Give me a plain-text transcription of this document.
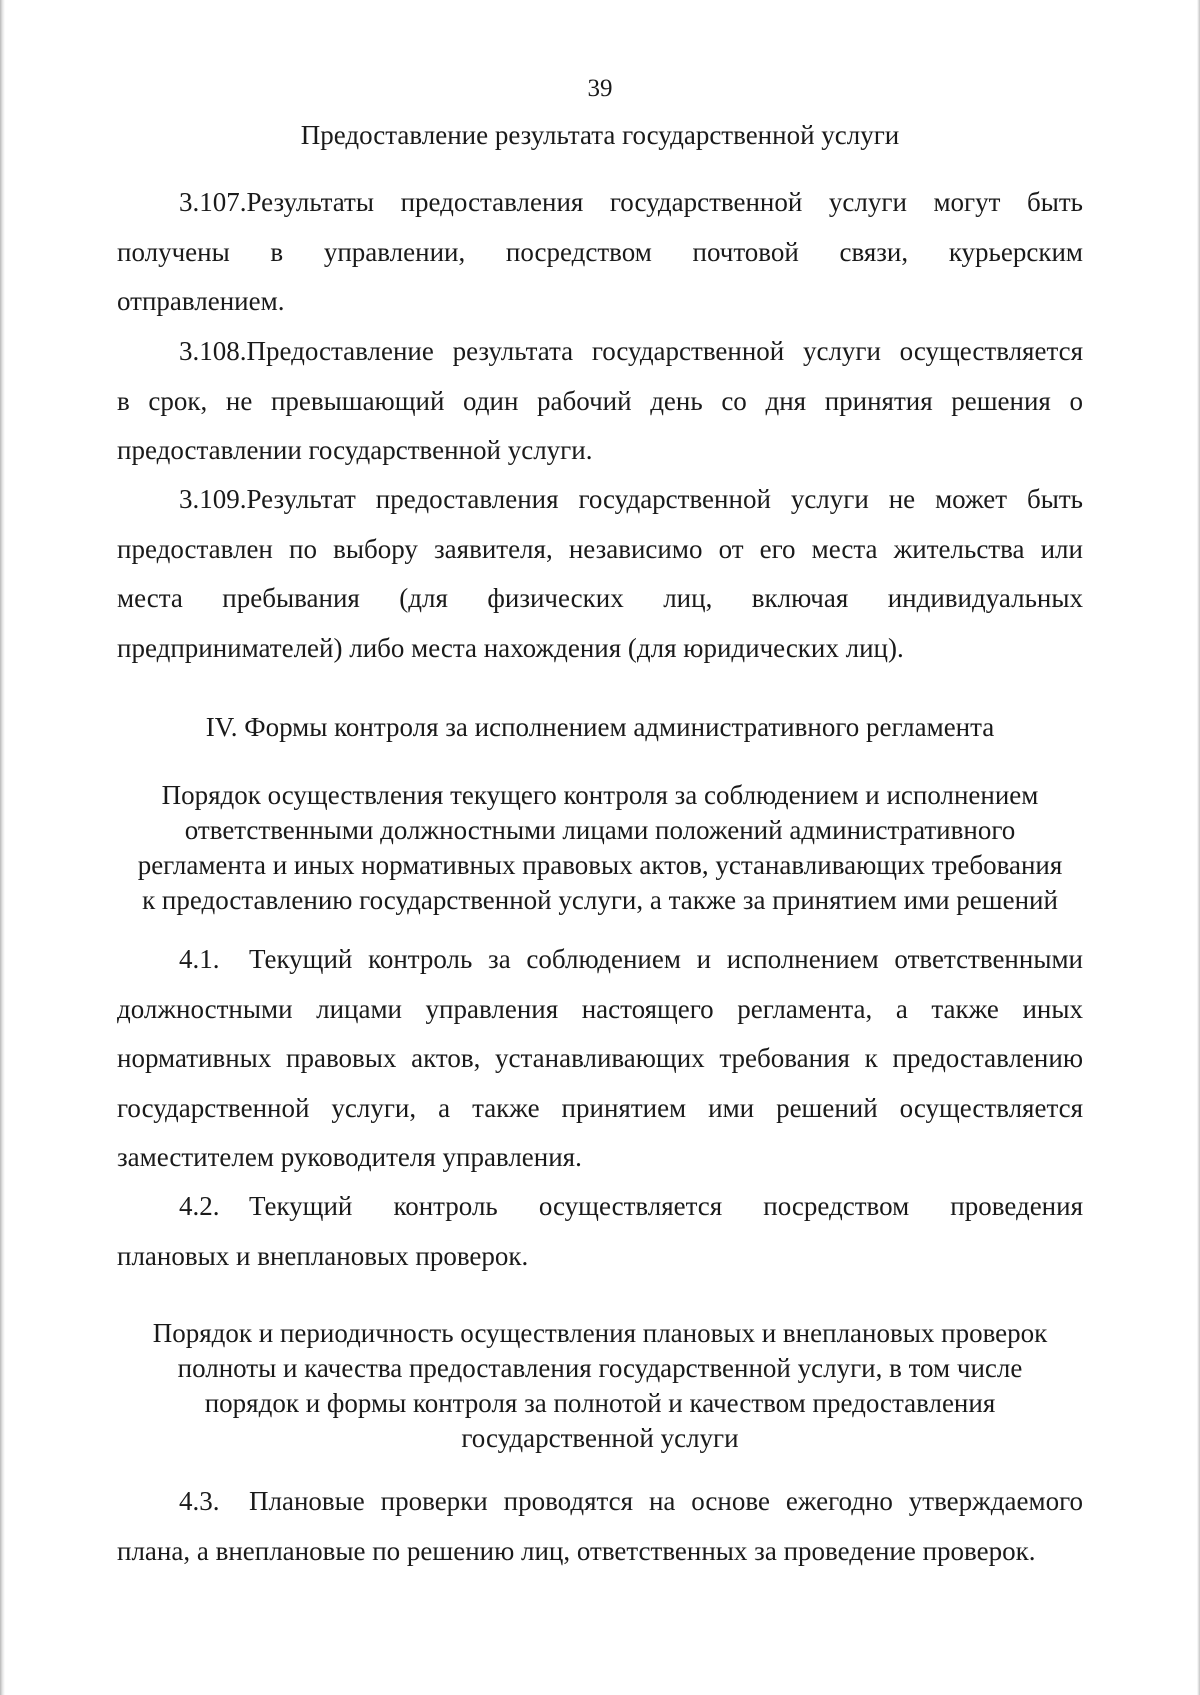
39
Предоставление результата государственной услуги
3.107.Результаты предоставления государственной услуги могут быть
получены в управлении, посредством почтовой связи, курьерским
отправлением.
3.108.Предоставление результата государственной услуги осуществляется
в срок, не превышающий один рабочий день со дня принятия решения о
предоставлении государственной услуги.
3.109.Результат предоставления государственной услуги не может быть
предоставлен по выбору заявителя, независимо от его места жительства или
места пребывания (для физических лиц, включая индивидуальных
предпринимателей) либо места нахождения (для юридических лиц).
IV. Формы контроля за исполнением административного регламента
Порядок осуществления текущего контроля за соблюдением и исполнением
ответственными должностными лицами положений административного
регламента и иных нормативных правовых актов, устанавливающих требования
к предоставлению государственной услуги, а также за принятием ими решений
4.1. Текущий контроль за соблюдением и исполнением ответственными
должностными лицами управления настоящего регламента, а также иных
нормативных правовых актов, устанавливающих требования к предоставлению
государственной услуги, а также принятием ими решений осуществляется
заместителем руководителя управления.
4.2. Текущий контроль осуществляется посредством проведения
плановых и внеплановых проверок.
Порядок и периодичность осуществления плановых и внеплановых проверок
полноты и качества предоставления государственной услуги, в том числе
порядок и формы контроля за полнотой и качеством предоставления
государственной услуги
4.3. Плановые проверки проводятся на основе ежегодно утверждаемого
плана, а внеплановые по решению лиц, ответственных за проведение проверок.
